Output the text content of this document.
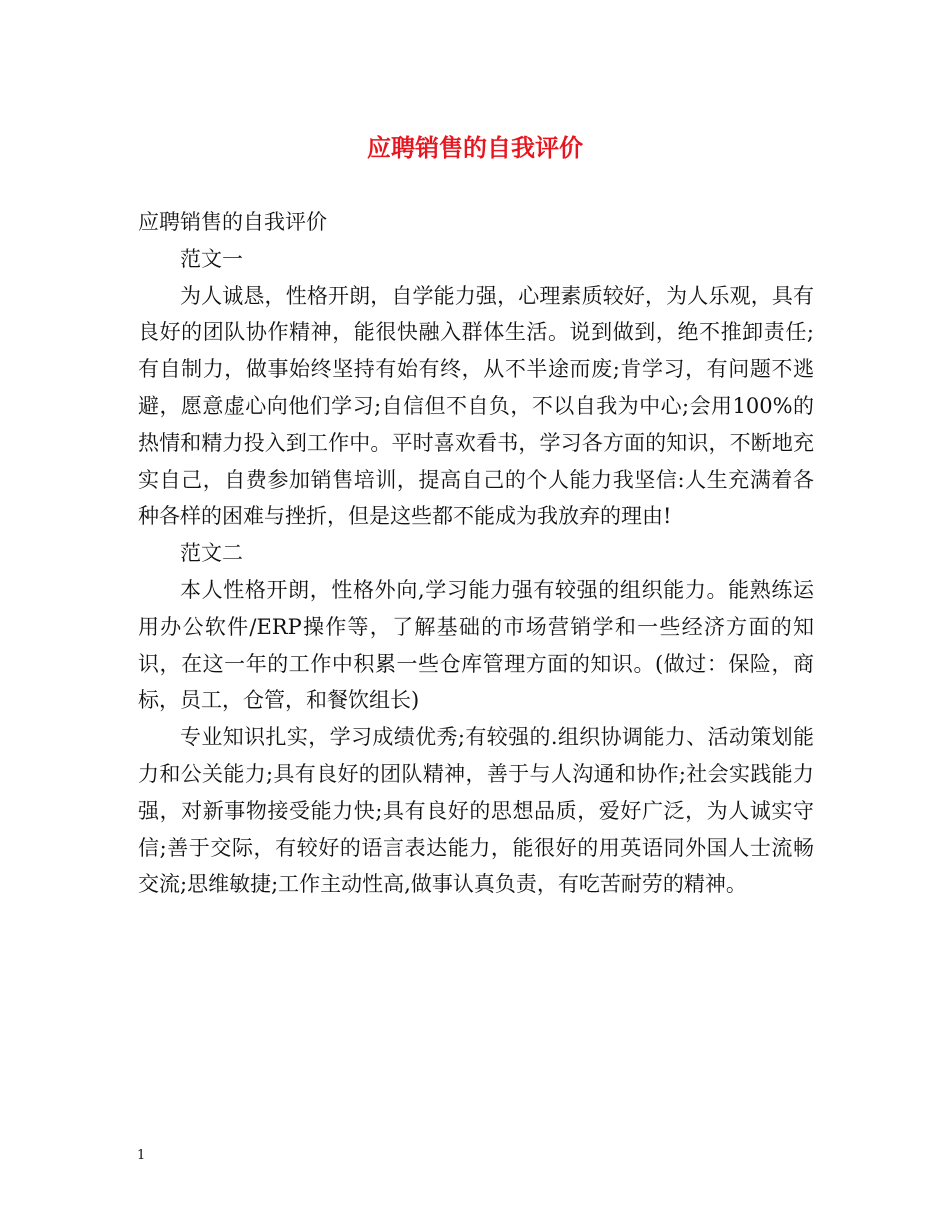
应聘销售的自我评价

应聘销售的自我评价

范文一

为人诚恳，性格开朗，自学能力强，心理素质较好，为人乐观，具有良好的团队协作精神，能很快融入群体生活。说到做到，绝不推卸责任;有自制力，做事始终坚持有始有终，从不半途而废;肯学习，有问题不逃避，愿意虚心向他们学习;自信但不自负，不以自我为中心;会用100%的热情和精力投入到工作中。平时喜欢看书，学习各方面的知识，不断地充实自己，自费参加销售培训，提高自己的个人能力我坚信:人生充满着各种各样的困难与挫折，但是这些都不能成为我放弃的理由!

范文二

本人性格开朗，性格外向,学习能力强有较强的组织能力。能熟练运用办公软件/ERP操作等，了解基础的市场营销学和一些经济方面的知识，在这一年的工作中积累一些仓库管理方面的知识。(做过：保险，商标，员工，仓管，和餐饮组长)

专业知识扎实，学习成绩优秀;有较强的.组织协调能力、活动策划能力和公关能力;具有良好的团队精神，善于与人沟通和协作;社会实践能力强，对新事物接受能力快;具有良好的思想品质，爱好广泛，为人诚实守信;善于交际，有较好的语言表达能力，能很好的用英语同外国人士流畅交流;思维敏捷;工作主动性高,做事认真负责，有吃苦耐劳的精神。

1
